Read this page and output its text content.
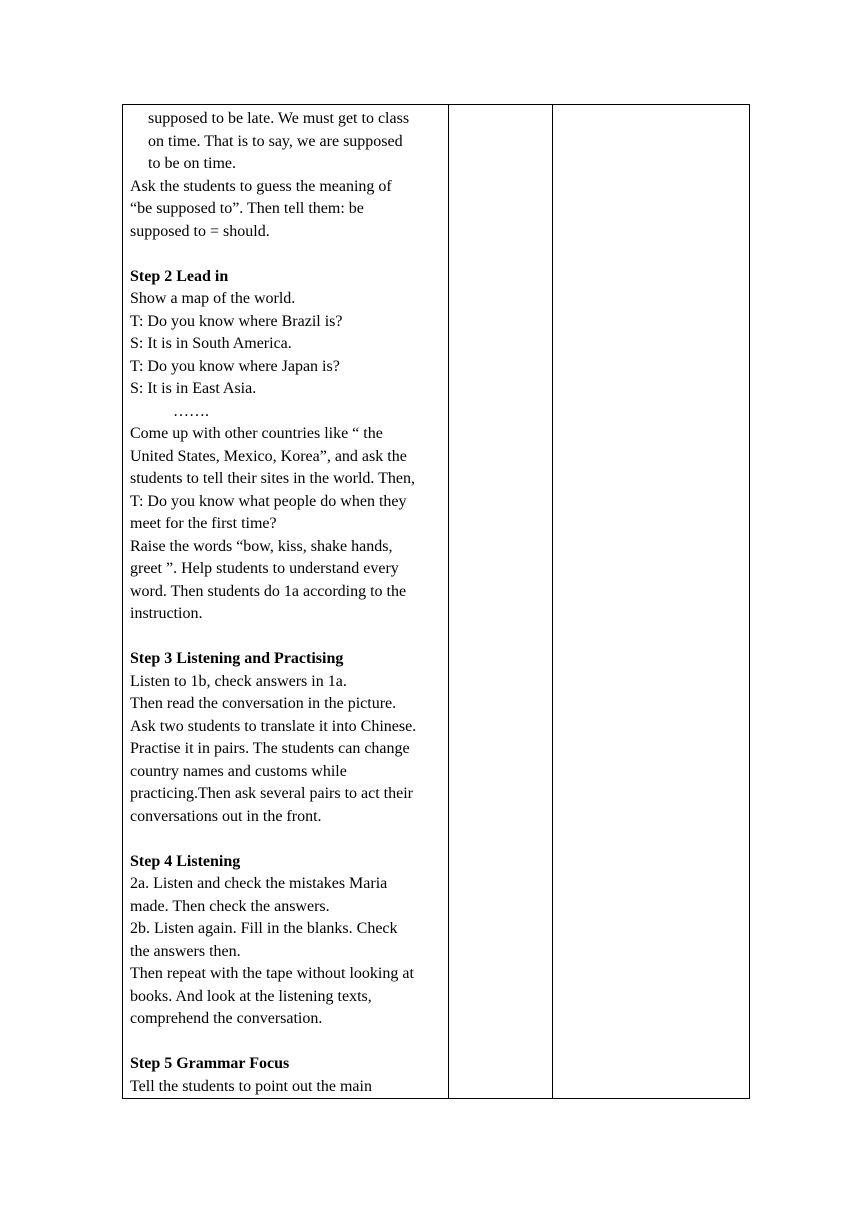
supposed to be late. We must get to class
on time. That is to say, we are supposed
to be on time.
Ask the students to guess the meaning of
“be supposed to”. Then tell them: be
supposed to = should.
Step 2 Lead in
Show a map of the world.
T: Do you know where Brazil is?
S: It is in South America.
T: Do you know where Japan is?
S: It is in East Asia.
…….
Come up with other countries like “ the
United States, Mexico, Korea”, and ask the
students to tell their sites in the world. Then,
T: Do you know what people do when they
meet for the first time?
Raise the words “bow, kiss, shake hands,
greet ”. Help students to understand every
word. Then students do 1a according to the
instruction.
Step 3 Listening and Practising
Listen to 1b, check answers in 1a.
Then read the conversation in the picture.
Ask two students to translate it into Chinese.
Practise it in pairs. The students can change
country names and customs while
practicing.Then ask several pairs to act their
conversations out in the front.
Step 4 Listening
2a. Listen and check the mistakes Maria
made. Then check the answers.
2b. Listen again. Fill in the blanks. Check
the answers then.
Then repeat with the tape without looking at
books. And look at the listening texts,
comprehend the conversation.
Step 5 Grammar Focus
Tell the students to point out the main
